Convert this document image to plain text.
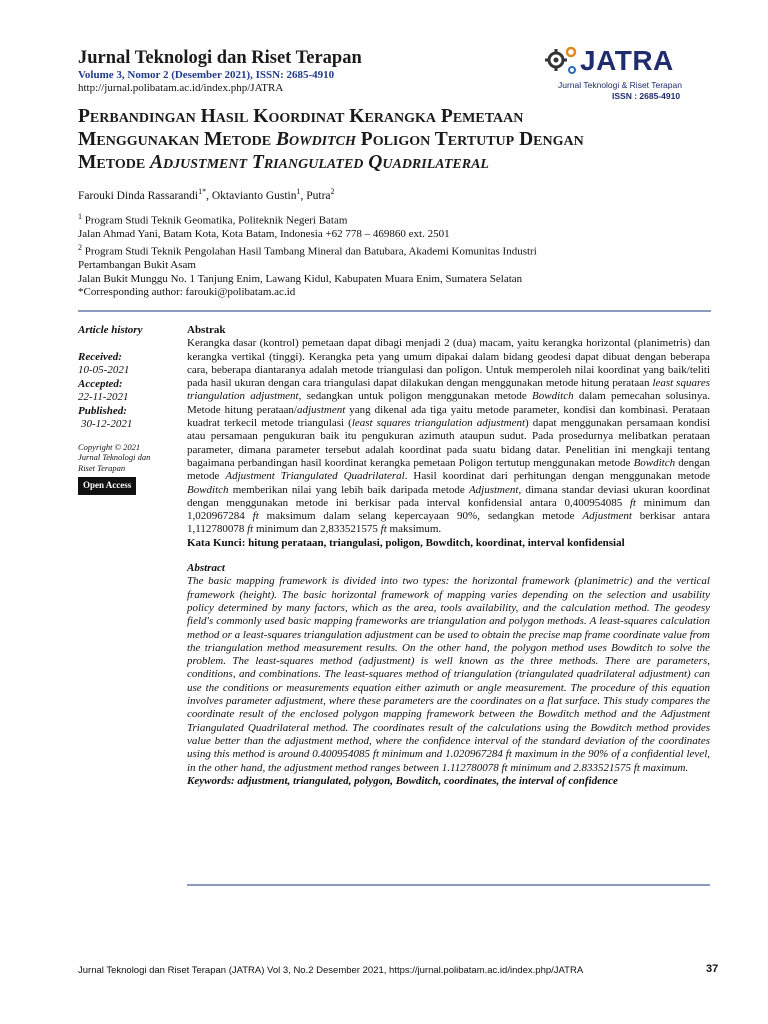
Jurnal Teknologi dan Riset Terapan
Volume 3, Nomor 2 (Desember 2021), ISSN: 2685-4910
http://jurnal.polibatam.ac.id/index.php/JATRA
JATRA
Jurnal Teknologi & Riset Terapan
ISSN : 2685-4910
Perbandingan Hasil Koordinat Kerangka Pemetaan
Menggunakan Metode Bowditch Poligon Tertutup Dengan
Metode Adjustment Triangulated Quadrilateral
Farouki Dinda Rassarandi$^{1*}$, Oktavianto Gustin$^1$, Putra$^2$
$^1$ Program Studi Teknik Geomatika, Politeknik Negeri Batam
Jalan Ahmad Yani, Batam Kota, Kota Batam, Indonesia +62 778 – 469860 ext. 2501
$^2$ Program Studi Teknik Pengolahan Hasil Tambang Mineral dan Batubara, Akademi Komunitas Industri
Pertambangan Bukit Asam
Jalan Bukit Munggu No. 1 Tanjung Enim, Lawang Kidul, Kabupaten Muara Enim, Sumatera Selatan
*Corresponding author: farouki@polibatam.ac.id
Article history
Received:
10-05-2021
Accepted:
22-11-2021
Published:
30-12-2021
Copyright © 2021
Jurnal Teknologi dan
Riset Terapan
Open Access

Abstrak

Kerangka dasar (kontrol) pemetaan dapat dibagi menjadi 2 (dua) macam, yaitu kerangka horizontal (planimetris) dan kerangka vertikal (tinggi). Kerangka peta yang umum dipakai dalam bidang geodesi dapat dibuat dengan beberapa cara, beberapa diantaranya adalah metode triangulasi dan poligon. Untuk memperoleh nilai koordinat yang baik/teliti pada hasil ukuran dengan cara triangulasi dapat dilakukan dengan menggunakan metode hitung perataan least squares triangulation adjustment, sedangkan untuk poligon menggunakan metode Bowditch dalam pemecahan solusinya. Metode hitung perataan/adjustment yang dikenal ada tiga yaitu metode parameter, kondisi dan kombinasi. Perataan kuadrat terkecil metode triangulasi (least squares triangulation adjustment) dapat menggunakan persamaan kondisi atau persamaan pengukuran baik itu pengukuran azimuth ataupun sudut. Pada prosedurnya melibatkan perataan parameter, dimana parameter tersebut adalah koordinat pada suatu bidang datar. Penelitian ini mengkaji tentang bagaimana perbandingan hasil koordinat kerangka pemetaan Poligon tertutup menggunakan metode Bowditch dengan metode Adjustment Triangulated Quadrilateral. Hasil koordinat dari perhitungan dengan menggunakan metode Bowditch memberikan nilai yang lebih baik daripada metode Adjustment, dimana standar deviasi ukuran koordinat dengan menggunakan metode ini berkisar pada interval konfidensial antara 0,400954085 ft minimum dan 1,020967284 ft maksimum dalam selang kepercayaan 90%, sedangkan metode Adjustment berkisar antara 1,112780078 ft minimum dan 2,833521575 ft maksimum.

Kata Kunci: hitung perataan, triangulasi, poligon, Bowditch, koordinat, interval konfidensial

Abstract

The basic mapping framework is divided into two types: the horizontal framework (planimetric) and the vertical framework (height). The basic horizontal framework of mapping varies depending on the selection and usability policy determined by many factors, which as the area, tools availability, and the calculation method. The geodesy field's commonly used basic mapping frameworks are triangulation and polygon methods. A least-squares calculation method or a least-squares triangulation adjustment can be used to obtain the precise map frame coordinate value from the triangulation method measurement results. On the other hand, the polygon method uses Bowditch to solve the problem. The least-squares method (adjustment) is well known as the three methods. There are parameters, conditions, and combinations. The least-squares method of triangulation (triangulated quadrilateral adjustment) can use the conditions or measurements equation either azimuth or angle measurement. The procedure of this equation involves parameter adjustment, where these parameters are the coordinates on a flat surface. This study compares the coordinate result of the enclosed polygon mapping framework between the Bowditch method and the Adjustment Triangulated Quadrilateral method. The coordinates result of the calculations using the Bowditch method provides value better than the adjustment method, where the confidence interval of the standard deviation of the coordinates using this method is around 0.400954085 ft minimum and 1.020967284 ft maximum in the 90% of a confidential level, in the other hand, the adjustment method ranges between 1.112780078 ft minimum and 2.833521575 ft maximum.

Keywords: adjustment, triangulated, polygon, Bowditch, coordinates, the interval of confidence

Jurnal Teknologi dan Riset Terapan (JATRA) Vol 3, No.2 Desember 2021, https://jurnal.polibatam.ac.id/index.php/JATRA	37
